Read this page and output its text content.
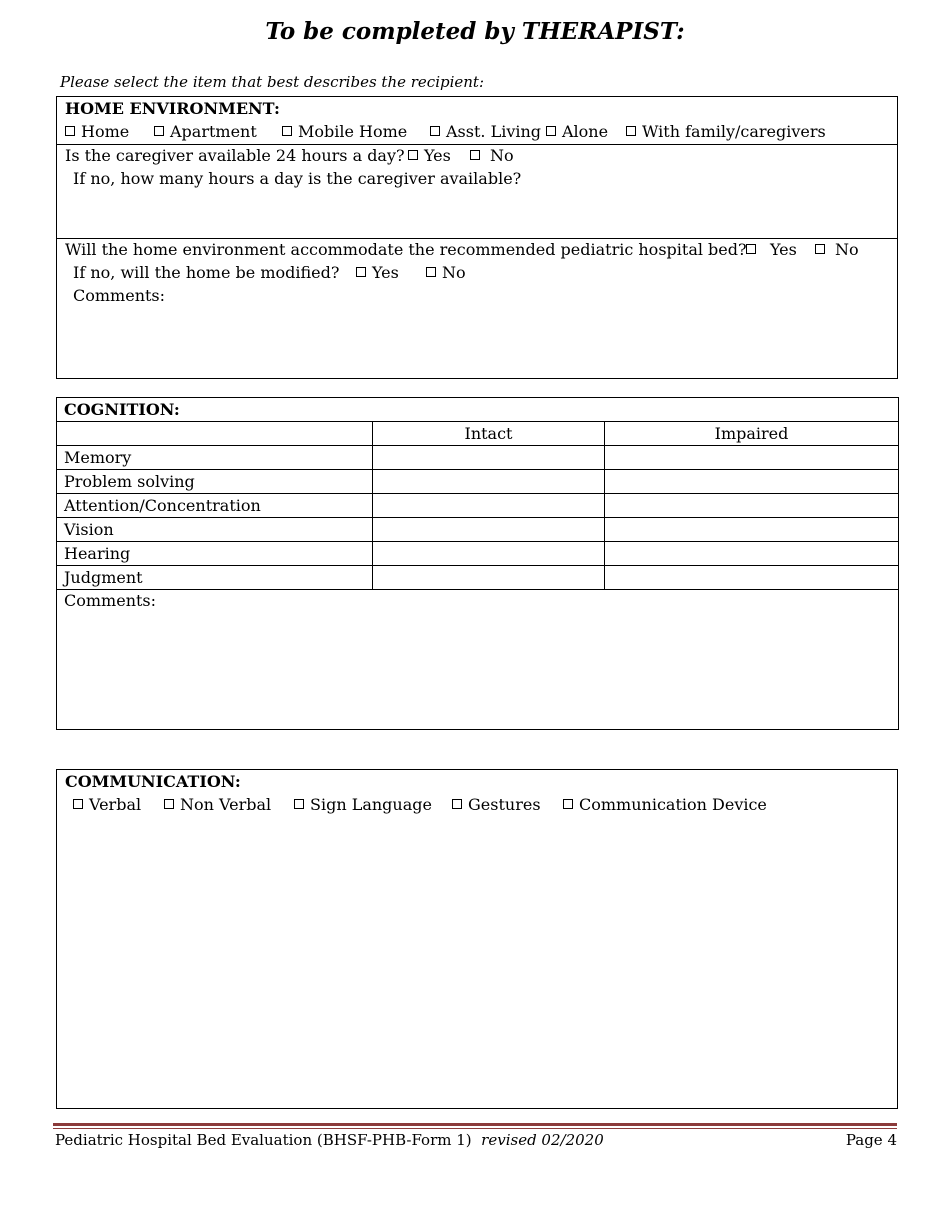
To be completed by THERAPIST:
Please select the item that best describes the recipient:
HOME ENVIRONMENT:
Home	Apartment	Mobile Home	Asst. Living	Alone	With family/caregivers
Is the caregiver available 24 hours a day?	Yes	No
If no, how many hours a day is the caregiver available?
Will the home environment accommodate the recommended pediatric hospital bed?	Yes	No
If no, will the home be modified?	Yes	No
Comments:
COGNITION:		
	Intact	Impaired
Memory		
Problem solving		
Attention/Concentration		
Vision		
Hearing		
Judgment		
Comments:		
COMMUNICATION:
Verbal	Non Verbal	Sign Language	Gestures	Communication Device
Pediatric Hospital Bed Evaluation (BHSF-PHB-Form 1) revised 02/2020	Page 4
